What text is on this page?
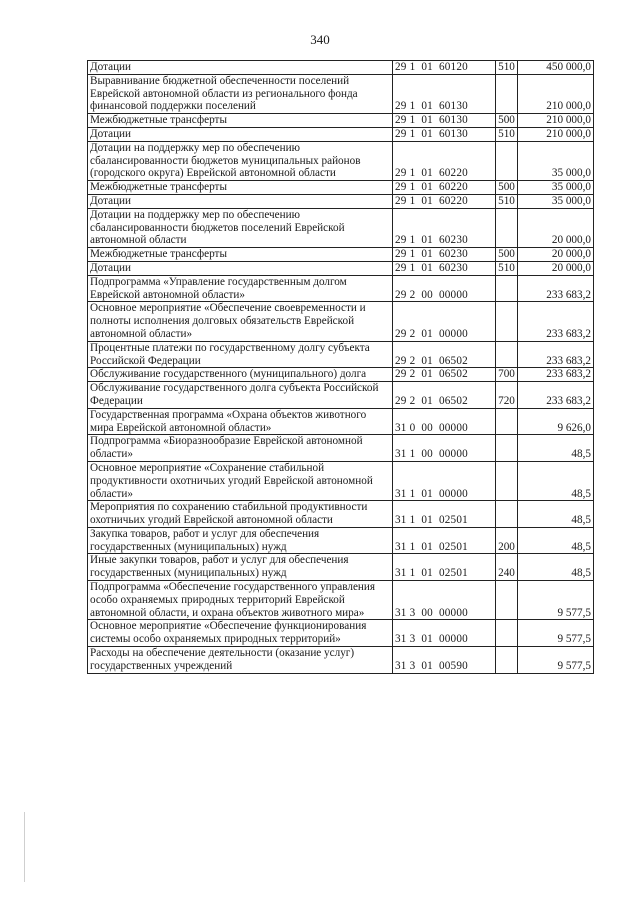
340
Дотации	29 1  01  60120	510	450 000,0
Выравнивание бюджетной обеспеченности поселений Еврейской автономной области из регионального фонда финансовой поддержки поселений	29 1  01  60130		210 000,0
Межбюджетные трансферты	29 1  01  60130	500	210 000,0
Дотации	29 1  01  60130	510	210 000,0
Дотации на поддержку мер по обеспечению сбалансированности бюджетов муниципальных районов (городского округа) Еврейской автономной области	29 1  01  60220		35 000,0
Межбюджетные трансферты	29 1  01  60220	500	35 000,0
Дотации	29 1  01  60220	510	35 000,0
Дотации на поддержку мер по обеспечению сбалансированности бюджетов поселений Еврейской автономной области	29 1  01  60230		20 000,0
Межбюджетные трансферты	29 1  01  60230	500	20 000,0
Дотации	29 1  01  60230	510	20 000,0
Подпрограмма «Управление государственным долгом Еврейской автономной области»	29 2  00  00000		233 683,2
Основное мероприятие «Обеспечение своевременности и полноты исполнения долговых обязательств Еврейской автономной области»	29 2  01  00000		233 683,2
Процентные платежи по государственному долгу субъекта Российской Федерации	29 2  01  06502		233 683,2
Обслуживание государственного (муниципального) долга	29 2  01  06502	700	233 683,2
Обслуживание государственного долга субъекта Российской Федерации	29 2  01  06502	720	233 683,2
Государственная программа «Охрана объектов животного мира Еврейской автономной области»	31 0  00  00000		9 626,0
Подпрограмма «Биоразнообразие Еврейской автономной области»	31 1  00  00000		48,5
Основное мероприятие «Сохранение стабильной продуктивности охотничьих угодий Еврейской автономной области»	31 1  01  00000		48,5
Мероприятия по сохранению стабильной продуктивности охотничьих угодий Еврейской автономной области	31 1  01  02501		48,5
Закупка товаров, работ и услуг для обеспечения государственных (муниципальных) нужд	31 1  01  02501	200	48,5
Иные закупки товаров, работ и услуг для обеспечения государственных (муниципальных) нужд	31 1  01  02501	240	48,5
Подпрограмма «Обеспечение государственного управления особо охраняемых природных территорий Еврейской автономной области, и охрана объектов животного мира»	31 3  00  00000		9 577,5
Основное мероприятие «Обеспечение функционирования системы особо охраняемых природных территорий»	31 3  01  00000		9 577,5
Расходы на обеспечение деятельности (оказание услуг) государственных учреждений	31 3  01  00590		9 577,5
